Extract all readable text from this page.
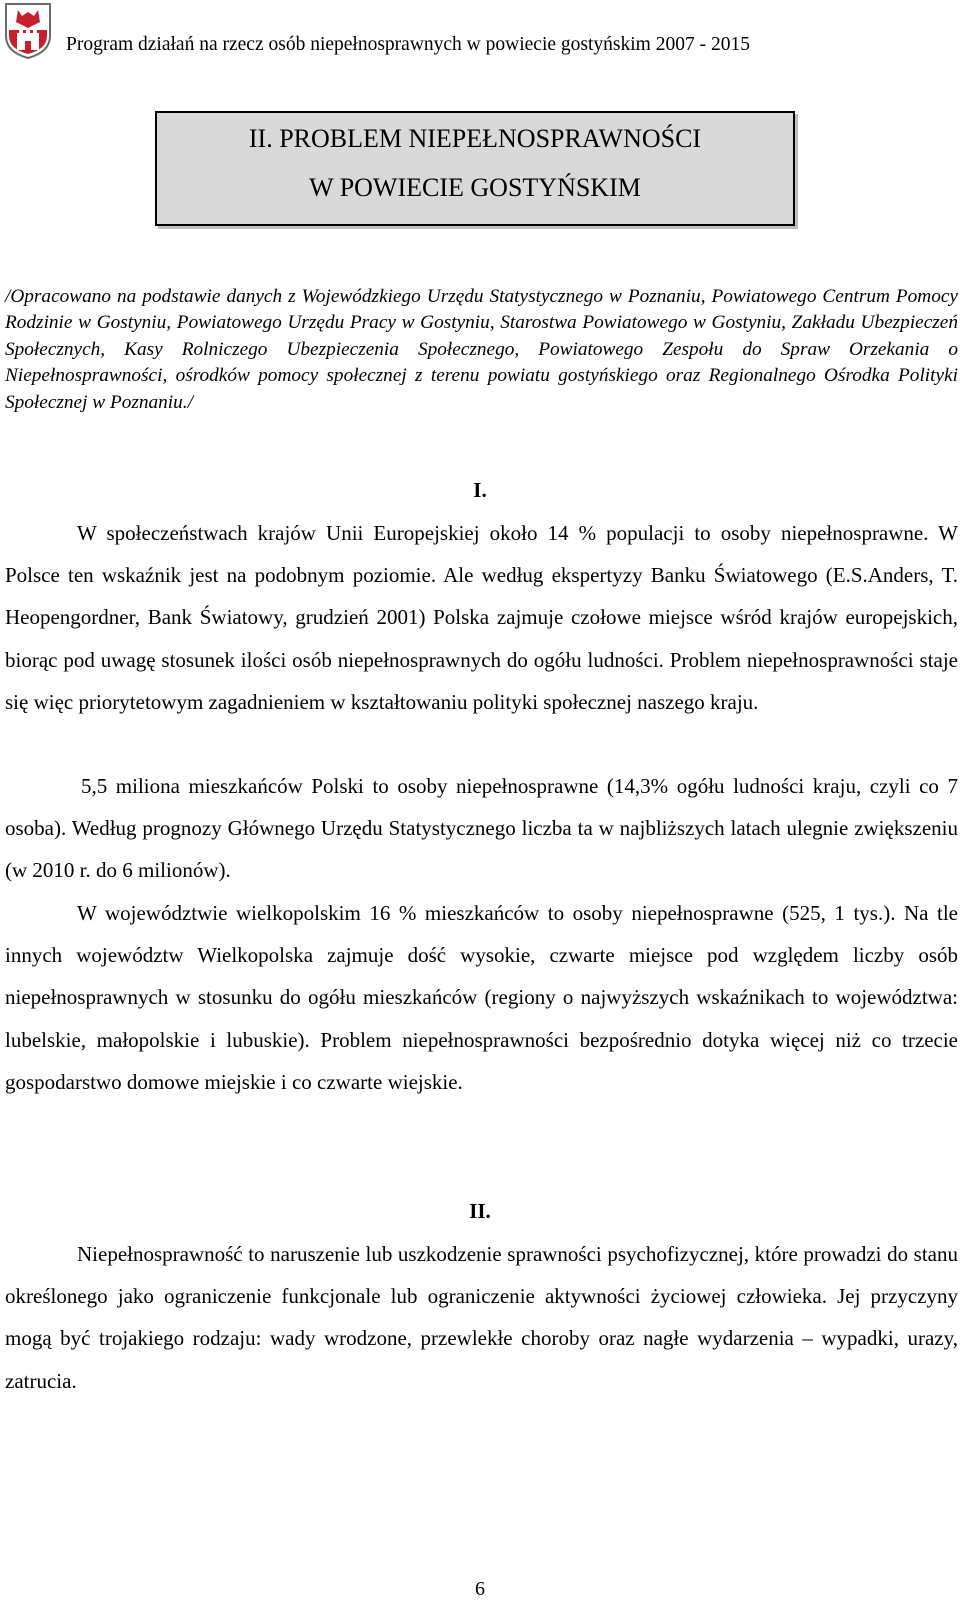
Program działań na rzecz osób niepełnosprawnych w powiecie gostyńskim 2007 - 2015
II. PROBLEM NIEPEŁNOSPRAWNOŚCI
W POWIECIE GOSTYŃSKIM
/Opracowano na podstawie danych z Wojewódzkiego Urzędu Statystycznego w Poznaniu, Powiatowego Centrum Pomocy Rodzinie w Gostyniu, Powiatowego Urzędu Pracy w Gostyniu, Starostwa Powiatowego w Gostyniu, Zakładu Ubezpieczeń Społecznych, Kasy Rolniczego Ubezpieczenia Społecznego, Powiatowego Zespołu do Spraw Orzekania o Niepełnosprawności, ośrodków pomocy społecznej z terenu powiatu gostyńskiego oraz Regionalnego Ośrodka Polityki Społecznej w Poznaniu./
I.
W społeczeństwach krajów Unii Europejskiej około 14 % populacji to osoby niepełnosprawne. W Polsce ten wskaźnik jest na podobnym poziomie. Ale według ekspertyzy Banku Światowego (E.S.Anders, T. Heopengordner, Bank Światowy, grudzień 2001) Polska zajmuje czołowe miejsce wśród krajów europejskich, biorąc pod uwagę stosunek ilości osób niepełnosprawnych do ogółu ludności. Problem niepełnosprawności staje się więc priorytetowym zagadnieniem w kształtowaniu polityki społecznej naszego kraju.
5,5 miliona mieszkańców Polski to osoby niepełnosprawne (14,3% ogółu ludności kraju, czyli co 7 osoba). Według prognozy Głównego Urzędu Statystycznego liczba ta w najbliższych latach ulegnie zwiększeniu (w 2010 r. do 6 milionów).
W województwie wielkopolskim 16 % mieszkańców to osoby niepełnosprawne (525, 1 tys.). Na tle innych województw Wielkopolska zajmuje dość wysokie, czwarte miejsce pod względem liczby osób niepełnosprawnych w stosunku do ogółu mieszkańców (regiony o najwyższych wskaźnikach to województwa: lubelskie, małopolskie i lubuskie). Problem niepełnosprawności bezpośrednio dotyka więcej niż co trzecie gospodarstwo domowe miejskie i co czwarte wiejskie.
II.
Niepełnosprawność to naruszenie lub uszkodzenie sprawności psychofizycznej, które prowadzi do stanu określonego jako ograniczenie funkcjonale lub ograniczenie aktywności życiowej człowieka. Jej przyczyny mogą być trojakiego rodzaju: wady wrodzone, przewlekłe choroby oraz nagłe wydarzenia – wypadki, urazy, zatrucia.
6
